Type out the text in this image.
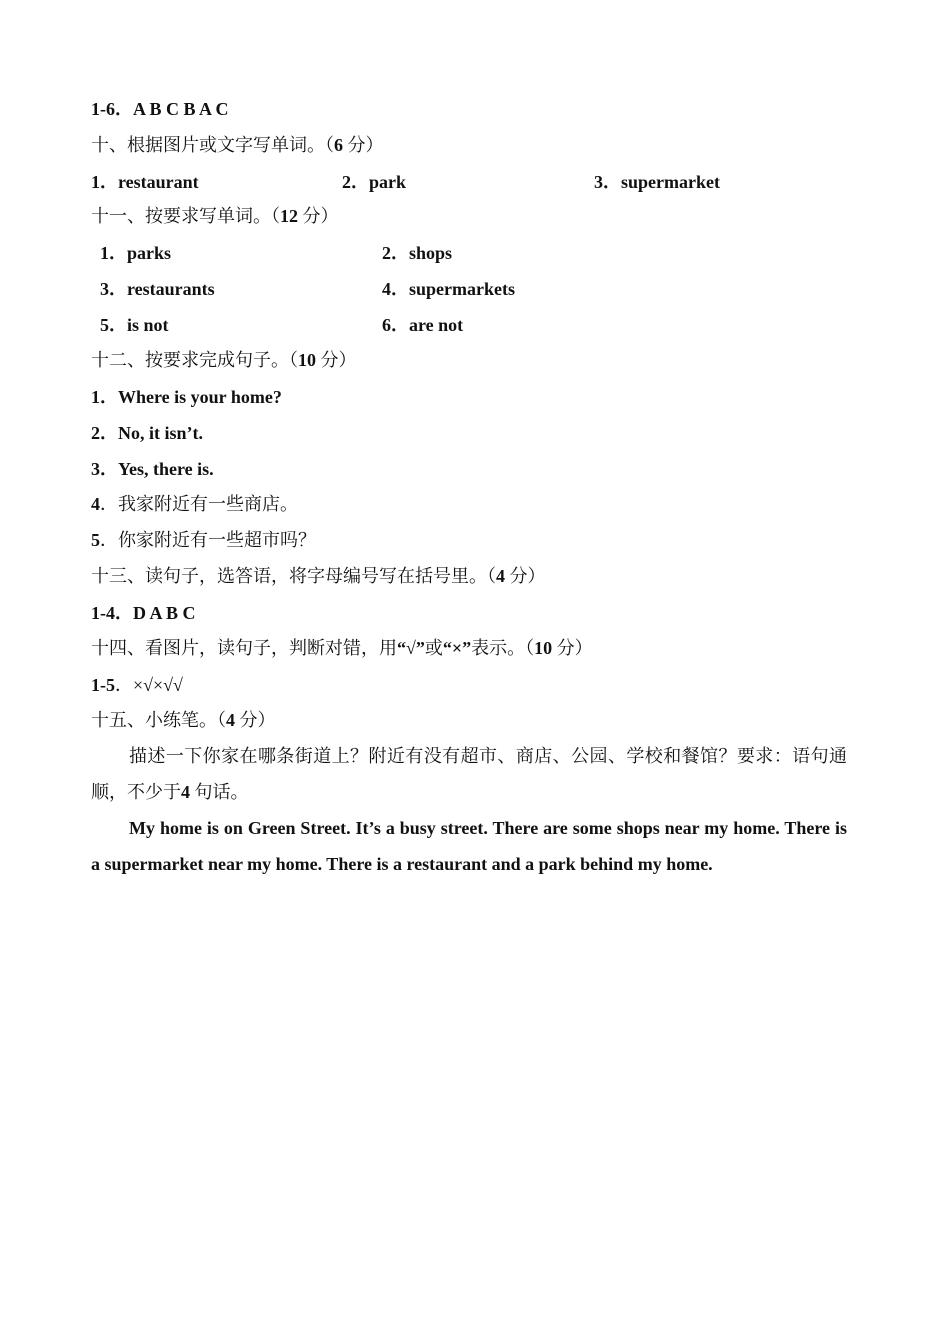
1-6．A B C B A C
十、根据图片或文字写单词。（6 分）
1．restaurant	2．park	3．supermarket
十一、按要求写单词。（12 分）
1．parks	2．shops
3．restaurants	4．supermarkets
5．is not	6．are not
十二、按要求完成句子。（10 分）
1．Where is your home?
2．No, it isn’t.
3．Yes, there is.
4．我家附近有一些商店。
5．你家附近有一些超市吗？
十三、读句子，选答语，将字母编号写在括号里。（4 分）
1-4．D A B C
十四、看图片，读句子，判断对错，用“√”或“×”表示。（10 分）
1-5．×√×√√
十五、小练笔。（4 分）
描述一下你家在哪条街道上？附近有没有超市、商店、公园、学校和餐馆？要求：语句通顺，不少于4 句话。
My home is on Green Street. It’s a busy street. There are some shops near my home. There is a supermarket near my home. There is a restaurant and a park behind my home.
